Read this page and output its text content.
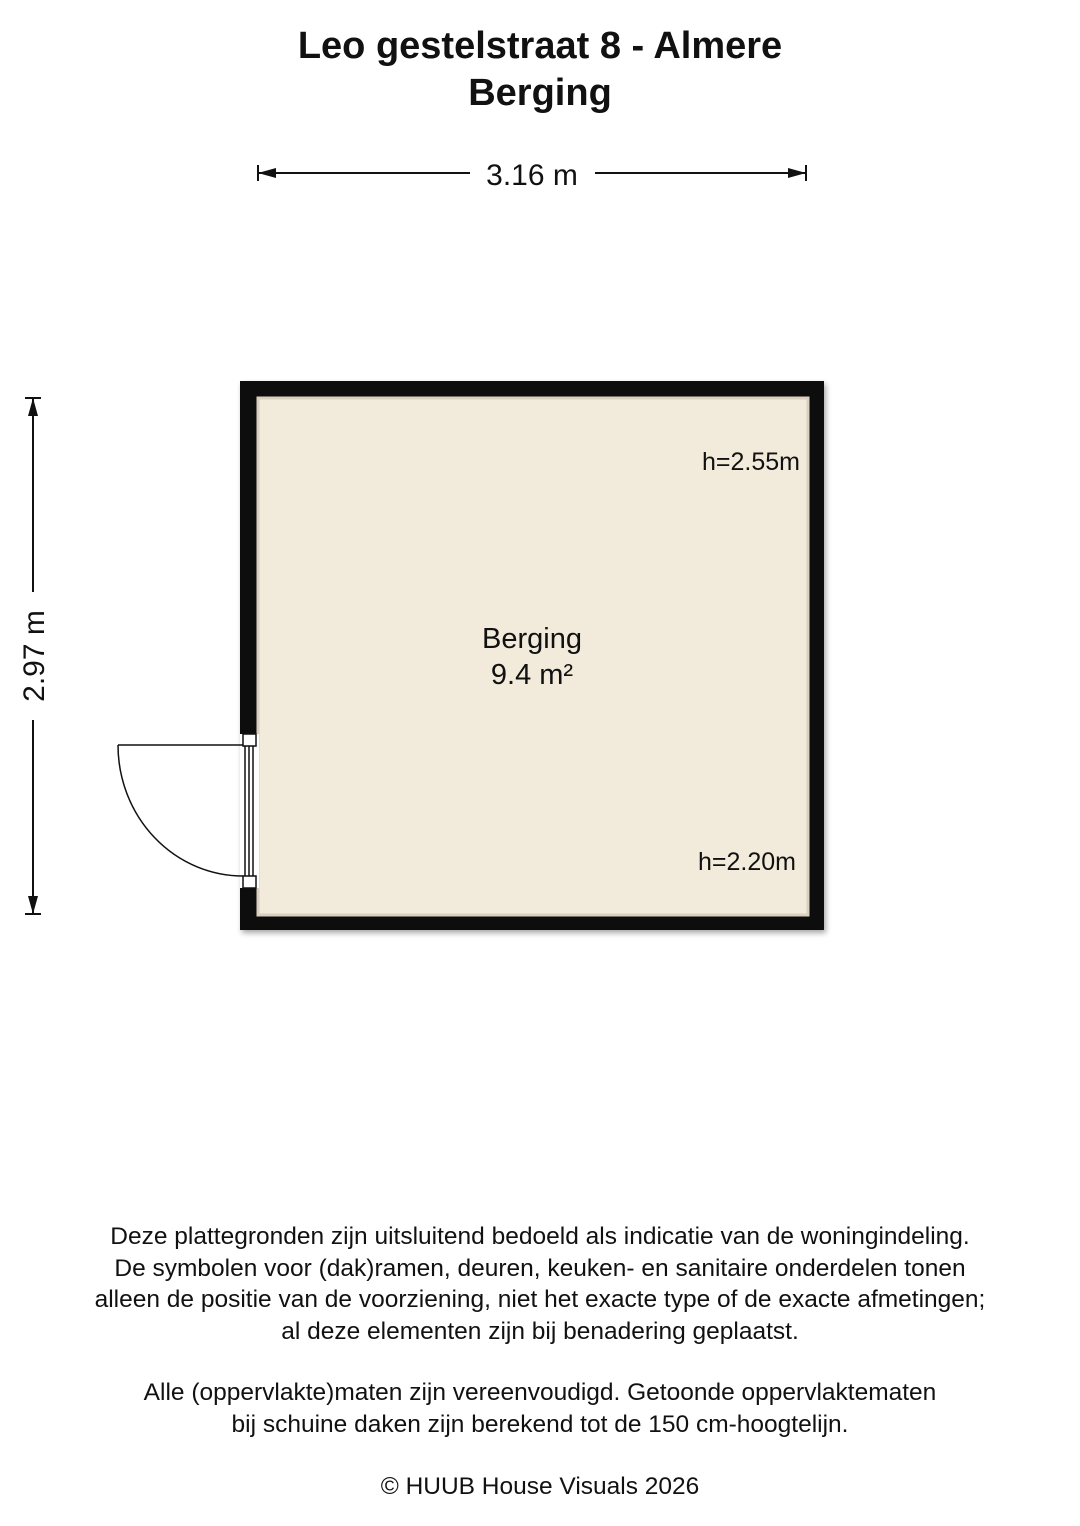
Leo gestelstraat 8 - Almere
Berging
3.16 m
2.97 m	Berging
9.4 m²
h=2.55m
h=2.20m
Deze plattegronden zijn uitsluitend bedoeld als indicatie van de woningindeling.
De symbolen voor (dak)ramen, deuren, keuken- en sanitaire onderdelen tonen
alleen de positie van de voorziening, niet het exacte type of de exacte afmetingen;
al deze elementen zijn bij benadering geplaatst.
Alle (oppervlakte)maten zijn vereenvoudigd. Getoonde oppervlaktematen
bij schuine daken zijn berekend tot de 150 cm-hoogtelijn.

© HUUB House Visuals 2026
